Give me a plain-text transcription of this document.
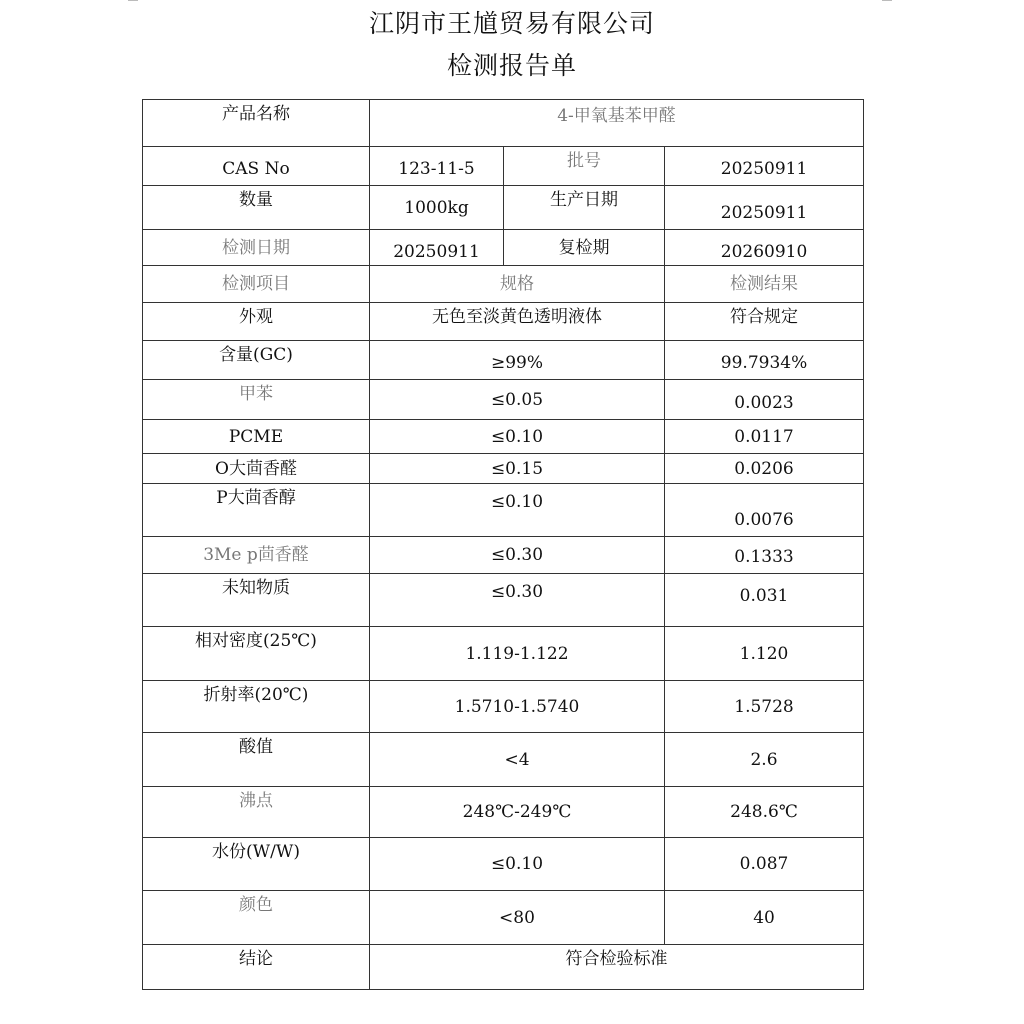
江阴市王馗贸易有限公司
检测报告单
产品名称	4-甲氧基苯甲醛		
CAS No	123-11-5	批号	20250911
数量	1000kg	生产日期	20250911
检测日期	20250911	复检期	20260910
检测项目	规格		检测结果
外观	无色至淡黄色透明液体		符合规定
含量(GC)	≥99%		99.7934%
甲苯	≤0.05		0.0023
PCME	≤0.10		0.0117
O大茴香醛	≤0.15		0.0206
P大茴香醇	≤0.10		0.0076
3Me p茴香醛	≤0.30		0.1333
未知物质	≤0.30		0.031
相对密度(25℃)	1.119-1.122		1.120
折射率(20℃)	1.5710-1.5740		1.5728
酸值	<4		2.6
沸点	248℃-249℃		248.6℃
水份(W/W)	≤0.10		0.087
颜色	<80		40
结论	符合检验标准		
